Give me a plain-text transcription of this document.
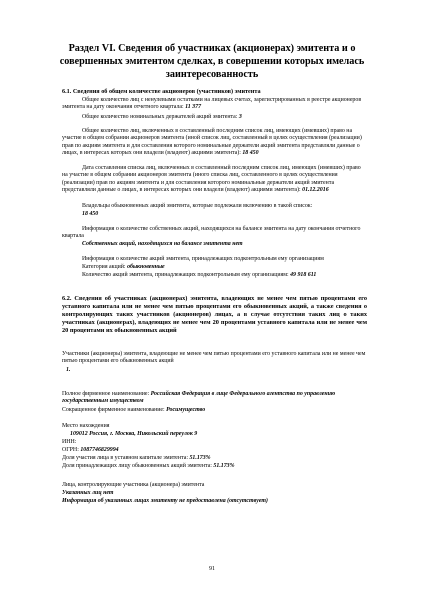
Раздел VI. Сведения об участниках (акционерах) эмитента и о совершенных эмитентом сделках, в совершении которых имелась заинтересованность
6.1. Сведения об общем количестве акционеров (участников) эмитента
Общее количество лиц с ненулевыми остатками на лицевых счетах, зарегистрированных в реестре акционеров эмитента на дату окончания отчетного квартала: 11 377
Общее количество номинальных держателей акций эмитента: 3
Общее количество лиц, включенных в составленный последним список лиц, имеющих (имевших) право на участие в общем собрании акционеров эмитента (иной список лиц, составленный в целях осуществления (реализации) прав по акциям эмитента и для составления которого номинальные держатели акций эмитента представляли данные о лицах, в интересах которых они владели (владеют) акциями эмитента): 18 450
Дата составления списка лиц, включенных в составленный последним список лиц, имеющих (имевших) право на участие в общем собрании акционеров эмитента (иного списка лиц, составленного в целях осуществления (реализации) прав по акциям эмитента и для составления которого номинальные держатели акций эмитента представляли данные о лицах, в интересах которых они владели (владеют) акциями эмитента): 01.12.2016
Владельцы обыкновенных акций эмитента, которые подлежали включению в такой список:
18 450
Информация о количестве собственных акций, находящихся на балансе эмитента на дату окончания отчетного квартала
Собственных акций, находящихся на балансе эмитента нет
Информация о количестве акций эмитента, принадлежащих подконтрольным ему организациям
Категория акций: обыкновенные
Количество акций эмитента, принадлежащих подконтрольным ему организациям: 49 918 611
6.2. Сведения об участниках (акционерах) эмитента, владеющих не менее чем пятью процентами его уставного капитала или не менее чем пятью процентами его обыкновенных акций, а также сведения о контролирующих таких участников (акционеров) лицах, а в случае отсутствия таких лиц о таких участниках (акционерах), владеющих не менее чем 20 процентами уставного капитала или не менее чем 20 процентами их обыкновенных акций
Участники (акционеры) эмитента, владеющие не менее чем пятью процентами его уставного капитала или не менее чем пятью процентами его обыкновенных акций
1.
Полное фирменное наименование: Российская Федерация в лице Федерального агентства по управлению государственным имуществом
Сокращенное фирменное наименование: Росимущество
Место нахождения
109012 Россия, г. Москва, Никольский переулок 9
ИНН:
ОГРН: 1087746829994
Доля участия лица в уставном капитале эмитента: 51.173%
Доля принадлежащих лицу обыкновенных акций эмитента: 51.173%
Лица, контролирующие участника (акционера) эмитента
Указанных лиц нет
Информация об указанных лицах эмитенту не предоставлена (отсутствует)
91
